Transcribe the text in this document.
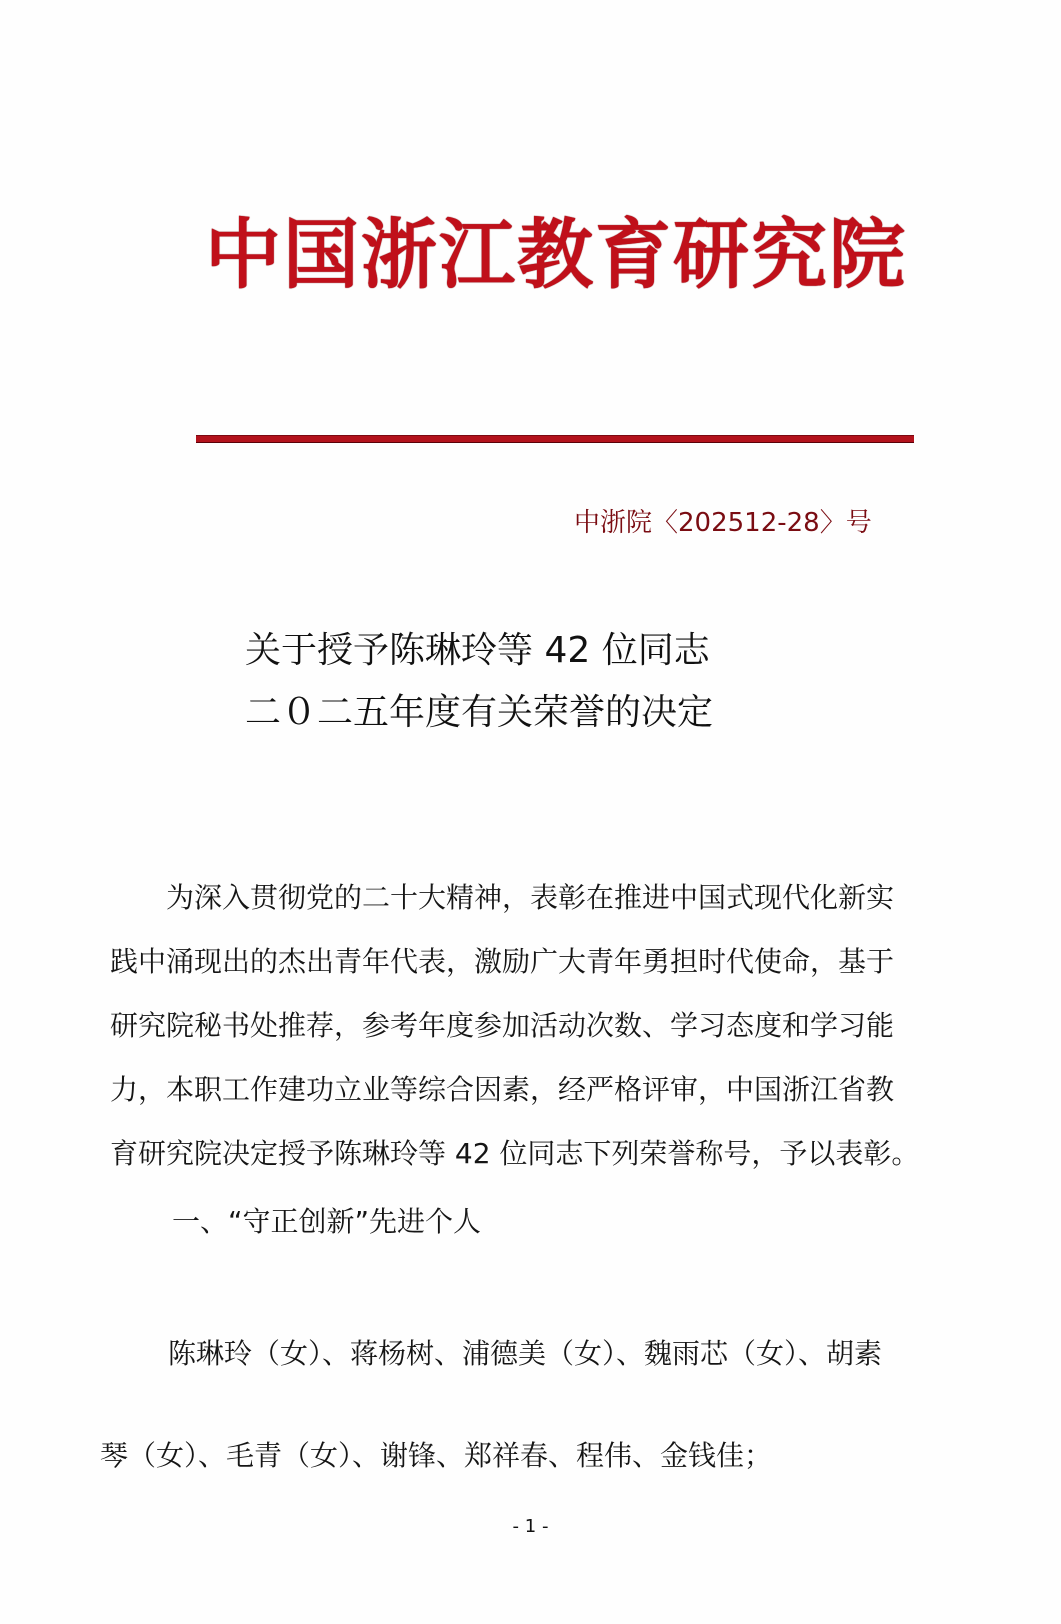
中国浙江教育研究院
中浙院〈202512-28〉号
关于授予陈琳玲等 42 位同志
二０二五年度有关荣誉的决定
为深入贯彻党的二十大精神，表彰在推进中国式现代化新实
践中涌现出的杰出青年代表，激励广大青年勇担时代使命，基于
研究院秘书处推荐，参考年度参加活动次数、学习态度和学习能
力，本职工作建功立业等综合因素，经严格评审，中国浙江省教
育研究院决定授予陈琳玲等 42 位同志下列荣誉称号，予以表彰。
一、“守正创新”先进个人
陈琳玲（女）、蒋杨树、浦德美（女）、魏雨芯（女）、胡素
琴（女）、毛青（女）、谢锋、郑祥春、程伟、金钱佳；
- 1 -
